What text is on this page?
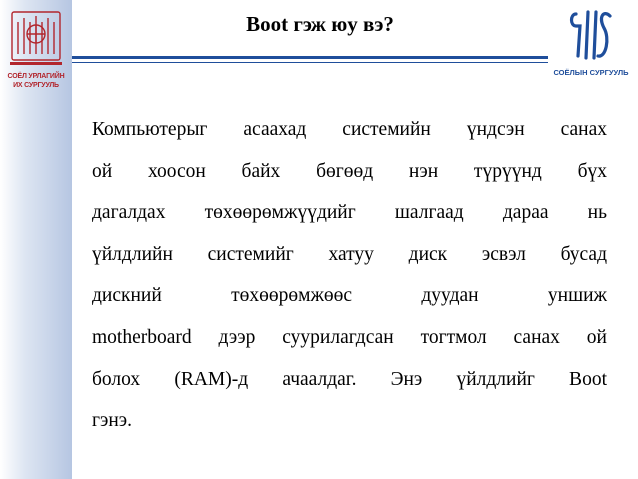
СОЁЛ УРЛАГИЙН
ИХ СУРГУУЛЬ
Boot гэж юу вэ?
СОЁЛЫН СУРГУУЛЬ
Компьютерыг асаахад системийн үндсэн санах
ой хоосон байх бөгөөд нэн түрүүнд бүх
дагалдах төхөөрөмжүүдийг шалгаад дараа нь
үйлдлийн системийг хатуу диск эсвэл бусад
дискний төхөөрөмжөөс дуудан уншиж
motherboard дээр суурилагдсан тогтмол санах ой
болох (RAM)-д ачаалдаг. Энэ үйлдлийг Boot
гэнэ.
